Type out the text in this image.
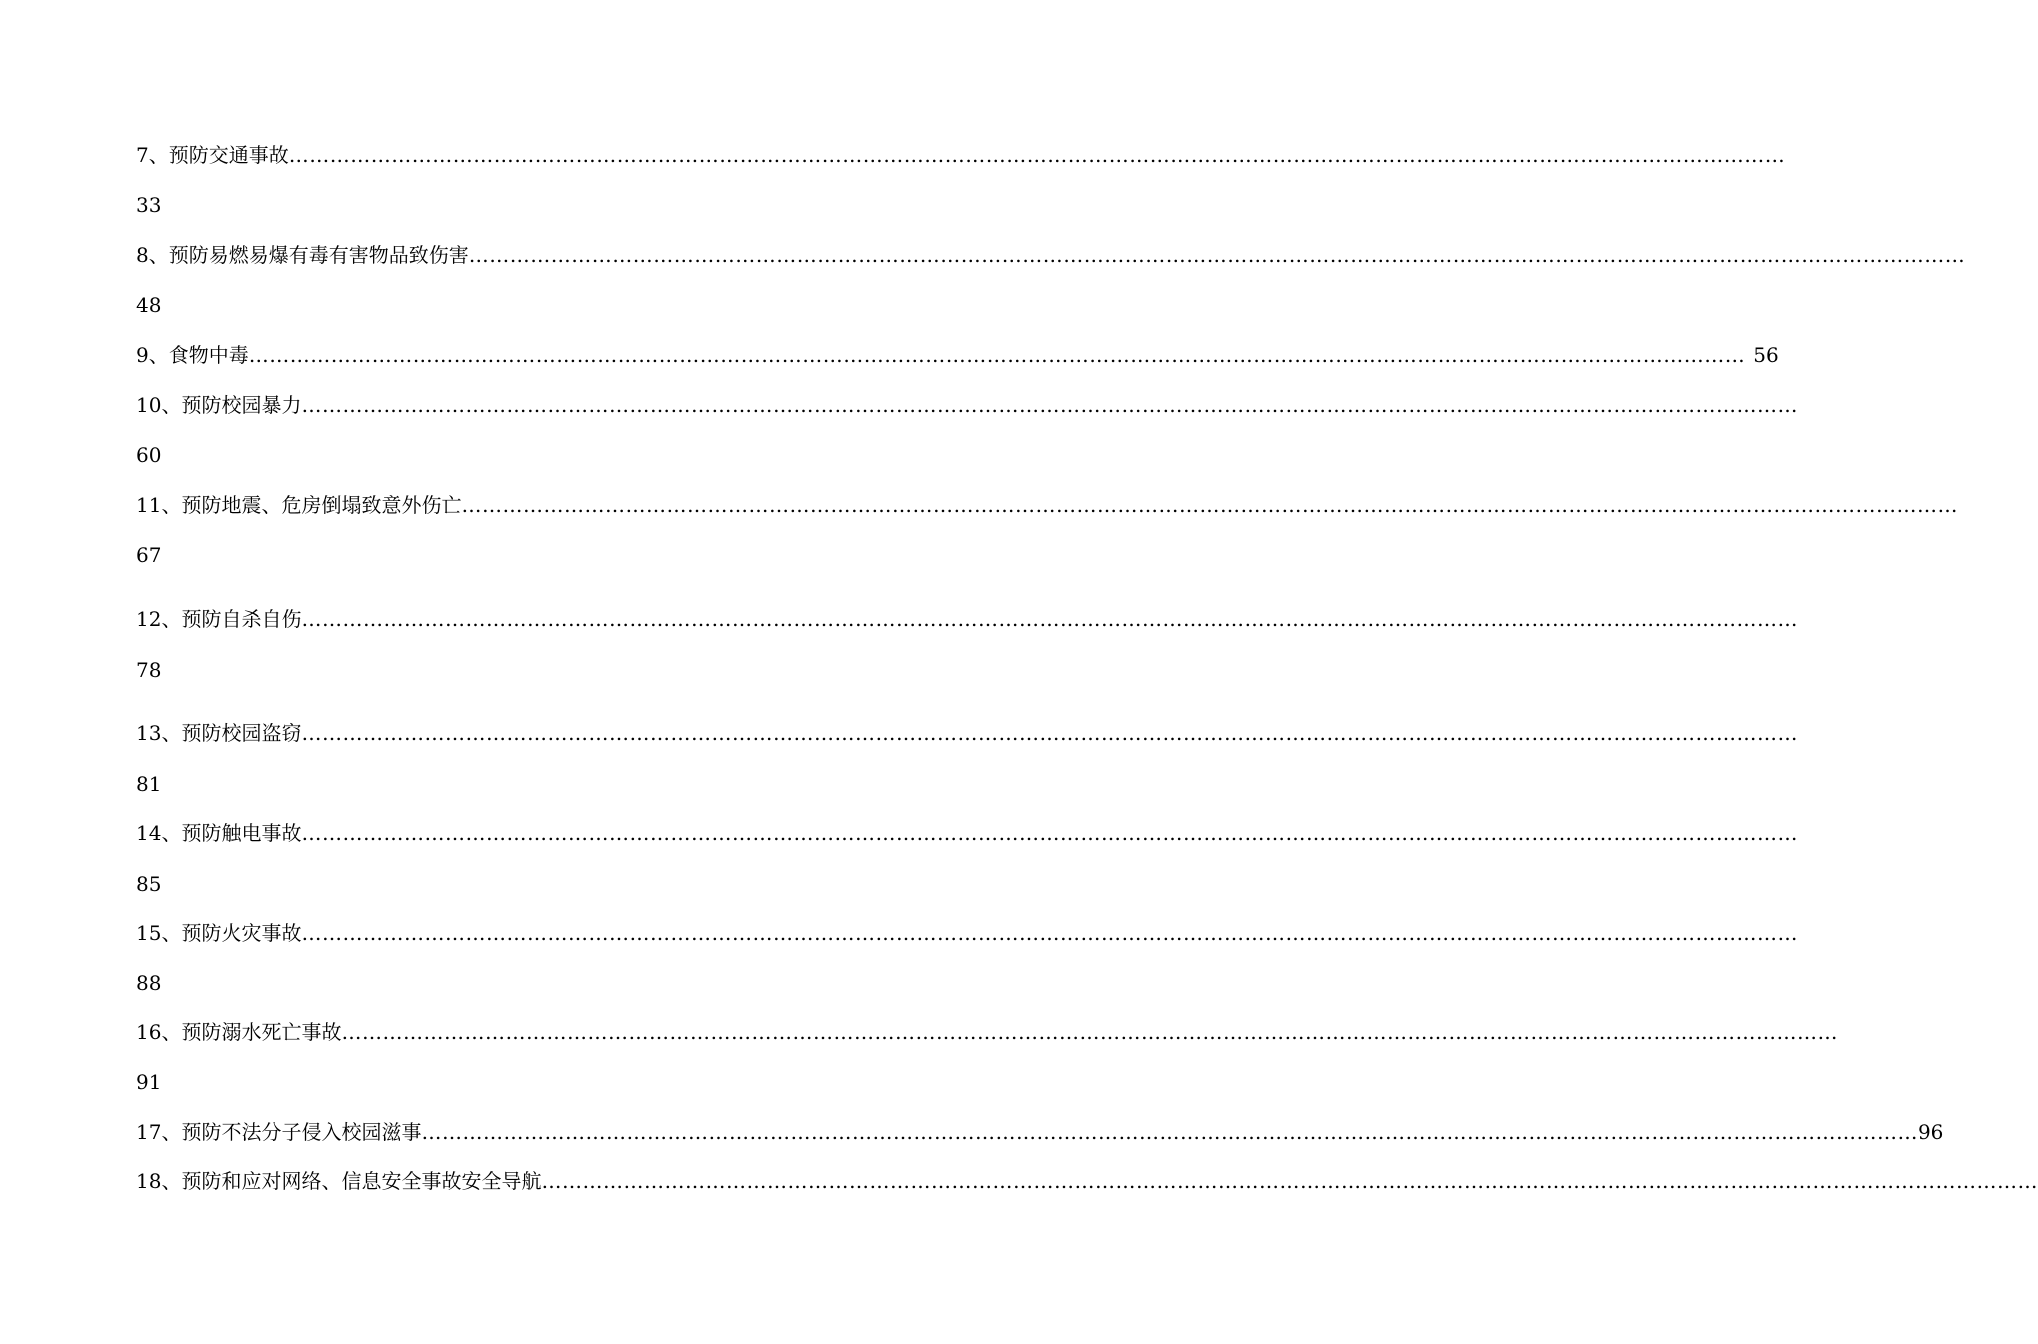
7、预防交通事故 …………………………………………………………………………………………………………………………………………………………………………………………………
33
8、预防易燃易爆有毒有害物品致伤害 …………………………………………………………………………………………………………………………………………………………………………………………………
48
9、食物中毒 ………………………………………………………………………………………………………………………………………………………………………………………………… 56
10、预防校园暴力 …………………………………………………………………………………………………………………………………………………………………………………………………
60
11、预防地震、危房倒塌致意外伤亡 …………………………………………………………………………………………………………………………………………………………………………………………………
67
12、预防自杀自伤 …………………………………………………………………………………………………………………………………………………………………………………………………
78
13、预防校园盗窃 …………………………………………………………………………………………………………………………………………………………………………………………………
81
14、预防触电事故 …………………………………………………………………………………………………………………………………………………………………………………………………
85
15、预防火灾事故 …………………………………………………………………………………………………………………………………………………………………………………………………
88
16、预防溺水死亡事故 …………………………………………………………………………………………………………………………………………………………………………………………………
91
17、预防不法分子侵入校园滋事 ………………………………………………………………………………………………………………………………………………………………………………………………… 96
18、预防和应对网络、信息安全事故安全导航 …………………………………………………………………………………………………………………………………………………………………………………………………
